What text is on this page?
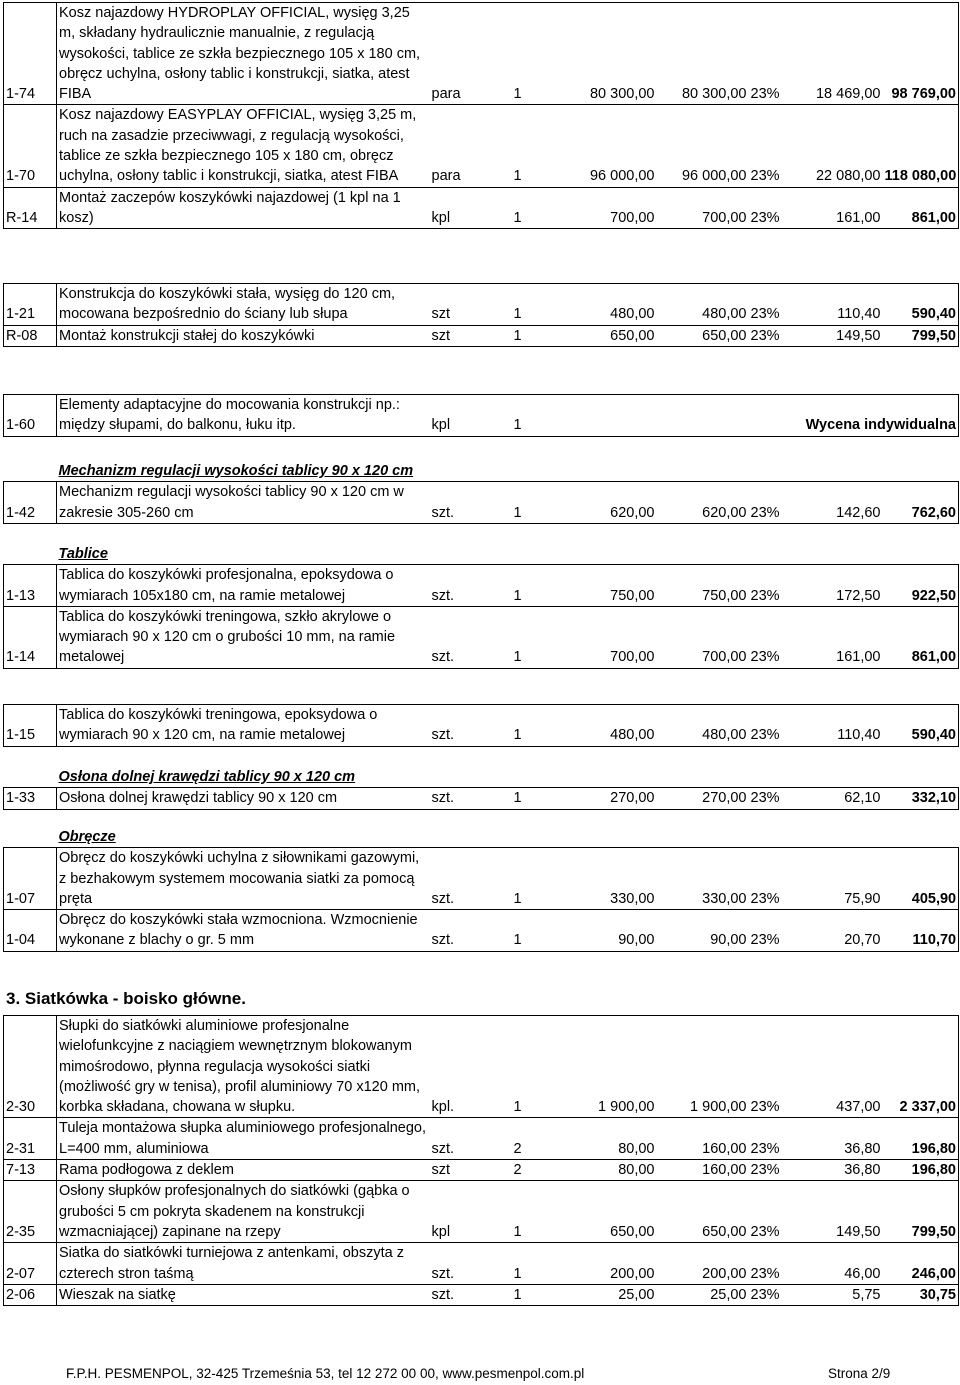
1-74	Kosz najazdowy HYDROPLAY OFFICIAL, wysięg 3,25 m, składany hydraulicznie manualnie, z regulacją wysokości, tablice ze szkła bezpiecznego 105 x 180 cm, obręcz uchylna, osłony tablic i konstrukcji, siatka, atest FIBA	para	1	80 300,00	80 300,00	23%	18 469,00	98 769,00
1-70	Kosz najazdowy EASYPLAY OFFICIAL, wysięg 3,25 m, ruch na zasadzie przeciwwagi, z regulacją wysokości, tablice ze szkła bezpiecznego 105 x 180 cm, obręcz uchylna, osłony tablic i konstrukcji, siatka, atest FIBA	para	1	96 000,00	96 000,00	23%	22 080,00	118 080,00
R-14	Montaż zaczepów koszykówki najazdowej (1 kpl na 1 kosz)	kpl	1	700,00	700,00	23%	161,00	861,00
1-21	Konstrukcja do koszykówki stała, wysięg do 120 cm, mocowana bezpośrednio do ściany lub słupa	szt	1	480,00	480,00	23%	110,40	590,40
R-08	Montaż konstrukcji stałej do koszykówki	szt	1	650,00	650,00	23%	149,50	799,50
1-60	Elementy adaptacyjne do mocowania konstrukcji np.: między słupami, do balkonu, łuku itp.	kpl	1	Wycena indywidualna
	Mechanizm regulacji wysokości tablicy 90 x 120 cm							
1-42	Mechanizm regulacji wysokości tablicy 90 x 120 cm w zakresie 305-260 cm	szt.	1	620,00	620,00	23%	142,60	762,60
	Tablice							
1-13	Tablica do koszykówki profesjonalna, epoksydowa o wymiarach 105x180 cm, na ramie metalowej	szt.	1	750,00	750,00	23%	172,50	922,50
1-14	Tablica do koszykówki treningowa, szkło akrylowe o wymiarach 90 x 120 cm o grubości 10 mm, na ramie metalowej	szt.	1	700,00	700,00	23%	161,00	861,00
1-15	Tablica do koszykówki treningowa, epoksydowa o wymiarach 90 x 120 cm, na ramie metalowej	szt.	1	480,00	480,00	23%	110,40	590,40
	Osłona dolnej krawędzi tablicy 90 x 120 cm							
1-33	Osłona dolnej krawędzi tablicy 90 x 120 cm	szt.	1	270,00	270,00	23%	62,10	332,10
	Obręcze							
1-07	Obręcz do koszykówki uchylna z siłownikami gazowymi, z bezhakowym systemem mocowania siatki za pomocą pręta	szt.	1	330,00	330,00	23%	75,90	405,90
1-04	Obręcz do koszykówki stała wzmocniona. Wzmocnienie wykonane z blachy o gr. 5 mm	szt.	1	90,00	90,00	23%	20,70	110,70
2-30	Słupki do siatkówki aluminiowe profesjonalne wielofunkcyjne z naciągiem wewnętrznym blokowanym mimośrodowo, płynna regulacja wysokości siatki (możliwość gry w tenisa), profil aluminiowy 70 x120 mm, korbka składana, chowana w słupku.	kpl.	1	1 900,00	1 900,00	23%	437,00	2 337,00
2-31	Tuleja montażowa słupka aluminiowego profesjonalnego, L=400 mm, aluminiowa	szt.	2	80,00	160,00	23%	36,80	196,80
7-13	Rama podłogowa z deklem	szt	2	80,00	160,00	23%	36,80	196,80
2-35	Osłony słupków profesjonalnych do siatkówki (gąbka o grubości 5 cm pokryta skadenem na konstrukcji wzmacniającej) zapinane na rzepy	kpl	1	650,00	650,00	23%	149,50	799,50
2-07	Siatka do siatkówki turniejowa z antenkami, obszyta z czterech stron taśmą	szt.	1	200,00	200,00	23%	46,00	246,00
2-06	Wieszak na siatkę	szt.	1	25,00	25,00	23%	5,75	30,75
3. Siatkówka - boisko główne.
F.P.H. PESMENPOL, 32-425 Trzemeśnia 53, tel 12 272 00 00, www.pesmenpol.com.pl	Strona 2/9
